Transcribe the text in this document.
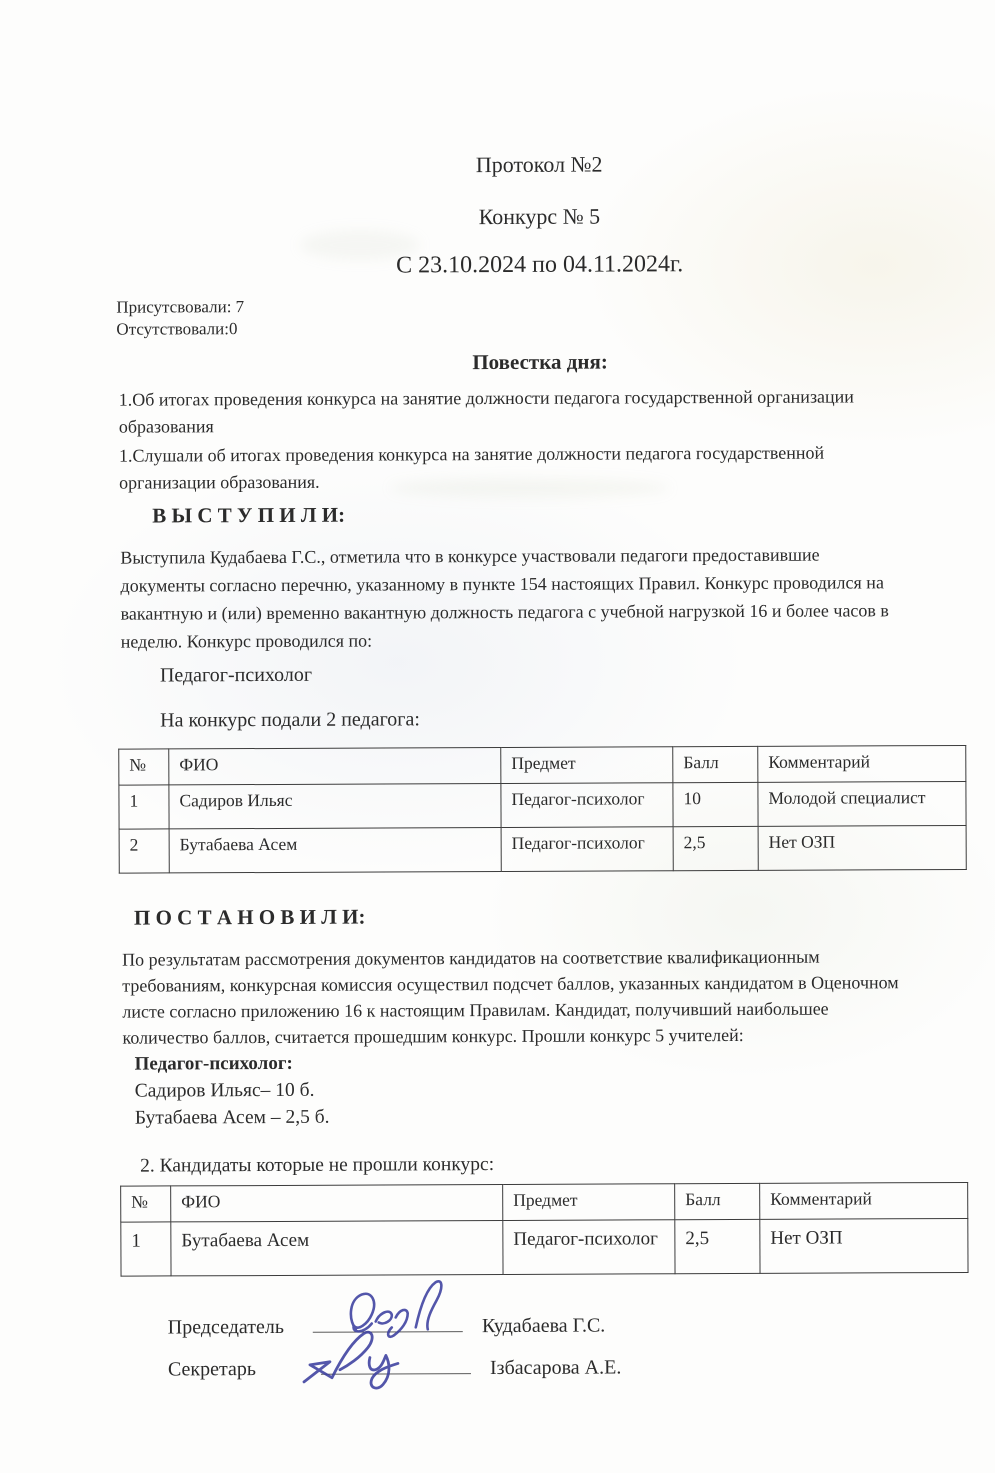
Протокол №2
Конкурс № 5
С 23.10.2024 по 04.11.2024г.
Присутсвовали: 7
Отсутствовали:0
Повестка дня:

1.Об итогах проведения конкурса на занятие должности педагога государственной организации образования

1.Слушали об итогах проведения конкурса на занятие должности педагога государственной организации образования.

В Ы С Т У П И Л И:

Выступила Кудабаева Г.С., отметила что в конкурсе участвовали педагоги предоставившие документы согласно перечню, указанному в пункте 154 настоящих Правил. Конкурс проводился на вакантную и (или) временно вакантную должность педагога с учебной нагрузкой 16 и более часов в неделю. Конкурс проводился по:

Педагог-психолог
На конкурс подали 2 педагога:
№	ФИО	Предмет	Балл	Комментарий
1	Садиров Ильяс	Педагог-психолог	10	Молодой специалист
2	Бутабаева Асем	Педагог-психолог	2,5	Нет ОЗП
П О С Т А Н О В И Л И:

По результатам рассмотрения документов кандидатов на соответствие квалификационным требованиям, конкурсная комиссия осуществил подсчет баллов, указанных кандидатом в Оценочном листе согласно приложению 16 к настоящим Правилам. Кандидат, получивший наибольшее количество баллов, считается прошедшим конкурс. Прошли конкурс 5 учителей:

Педагог-психолог:
Садиров Ильяс– 10 б.
Бутабаева Асем – 2,5 б.
2. Кандидаты которые не прошли конкурс:
№	ФИО	Предмет	Балл	Комментарий
1	Бутабаева Асем	Педагог-психолог	2,5	Нет ОЗП
Председатель	Кудабаева Г.С.
Секретарь	Ізбасарова А.Е.
